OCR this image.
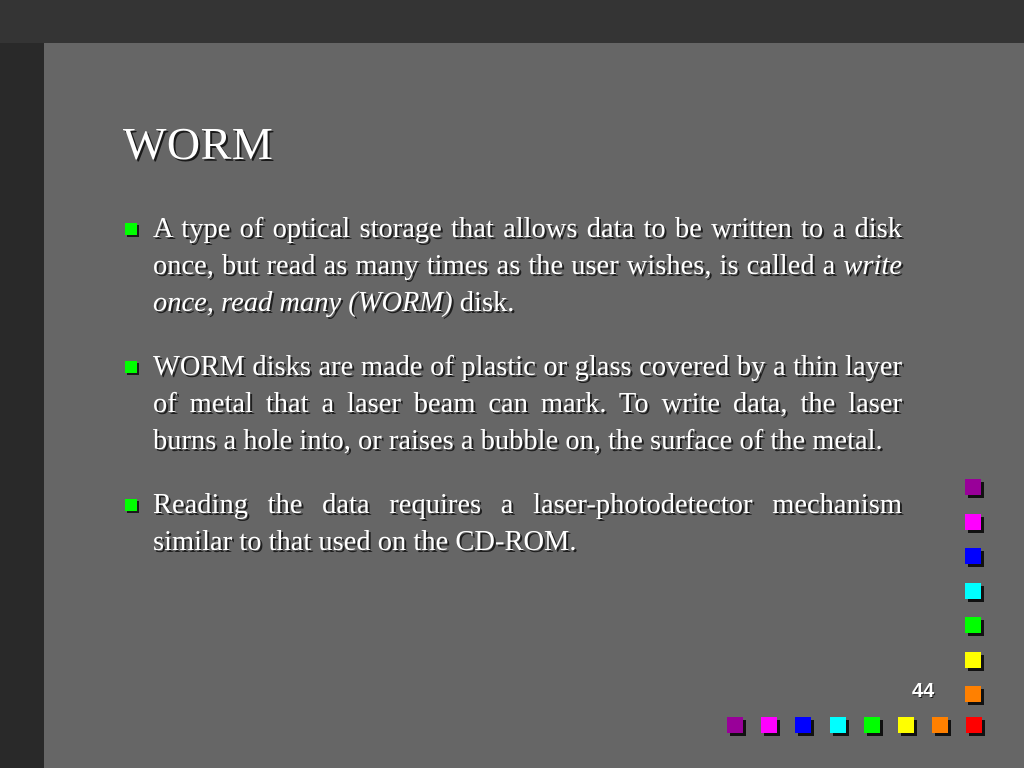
WORM
A type of optical storage that allows data to be written to a disk once, but read as many times as the user wishes, is called a write once, read many (WORM) disk.
WORM disks are made of plastic or glass covered by a thin layer of metal that a laser beam can mark. To write data, the laser burns a hole into, or raises a bubble on, the surface of the metal.
Reading the data requires a laser-photodetector mechanism similar to that used on the CD-ROM.
44
